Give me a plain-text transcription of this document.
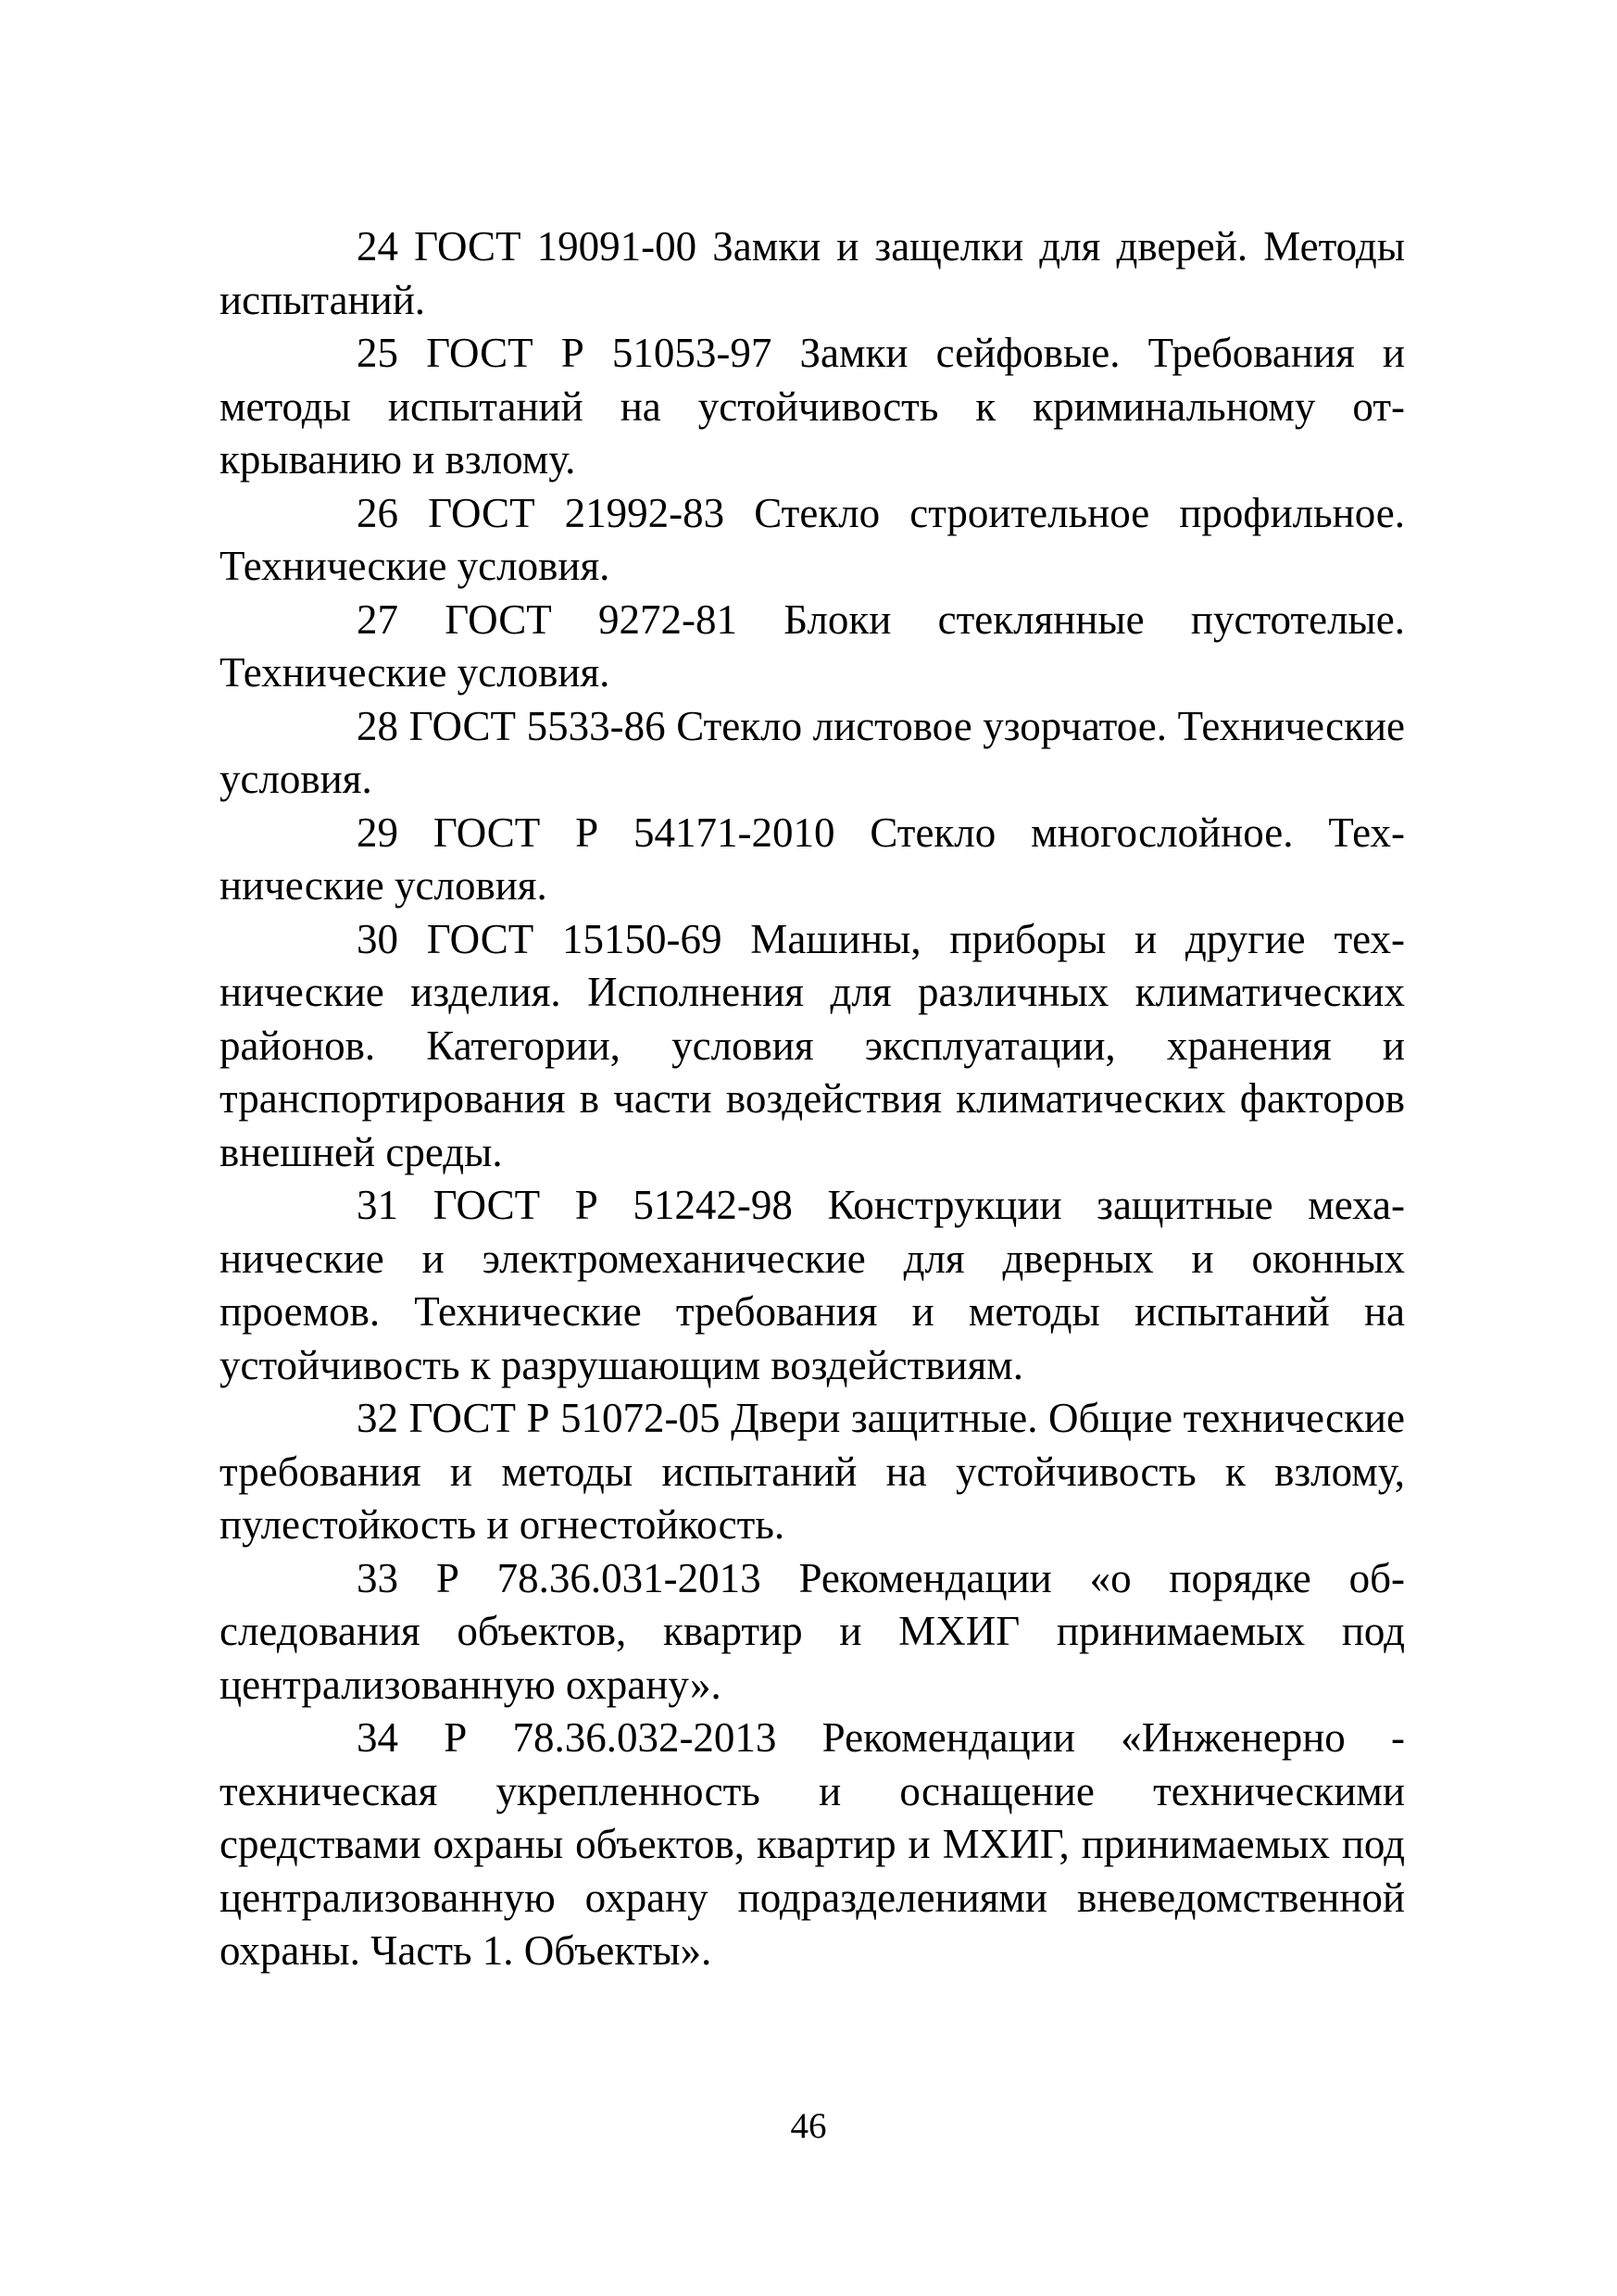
24 ГОСТ 19091-00 Замки и защелки для дверей. Методы испытаний.

25 ГОСТ Р 51053-97 Замки сейфовые. Требования и методы испытаний на устойчивость к криминальному открыванию и взлому.

26 ГОСТ 21992-83 Стекло строительное профильное. Технические условия.

27 ГОСТ 9272-81 Блоки стеклянные пустотелые. Технические условия.

28 ГОСТ 5533-86 Стекло листовое узорчатое. Технические условия.

29 ГОСТ Р 54171-2010 Стекло многослойное. Технические условия.

30 ГОСТ 15150-69 Машины, приборы и другие технические изделия. Исполнения для различных климатических районов. Категории, условия эксплуатации, хранения и транспортирования в части воздействия климатических факторов внешней среды.

31 ГОСТ Р 51242-98 Конструкции защитные механические и электромеханические для дверных и оконных проемов. Технические требования и методы испытаний на устойчивость к разрушающим воздействиям.

32 ГОСТ Р 51072-05 Двери защитные. Общие технические требования и методы испытаний на устойчивость к взлому, пулестойкость и огнестойкость.

33 Р 78.36.031-2013 Рекомендации «о порядке обследования объектов, квартир и МХИГ принимаемых под централизованную охрану».

34 Р 78.36.032-2013 Рекомендации «Инженерно - техническая укрепленность и оснащение техническими средствами охраны объектов, квартир и МХИГ, принимаемых под централизованную охрану подразделениями вневедомственной охраны. Часть 1. Объекты».

46
